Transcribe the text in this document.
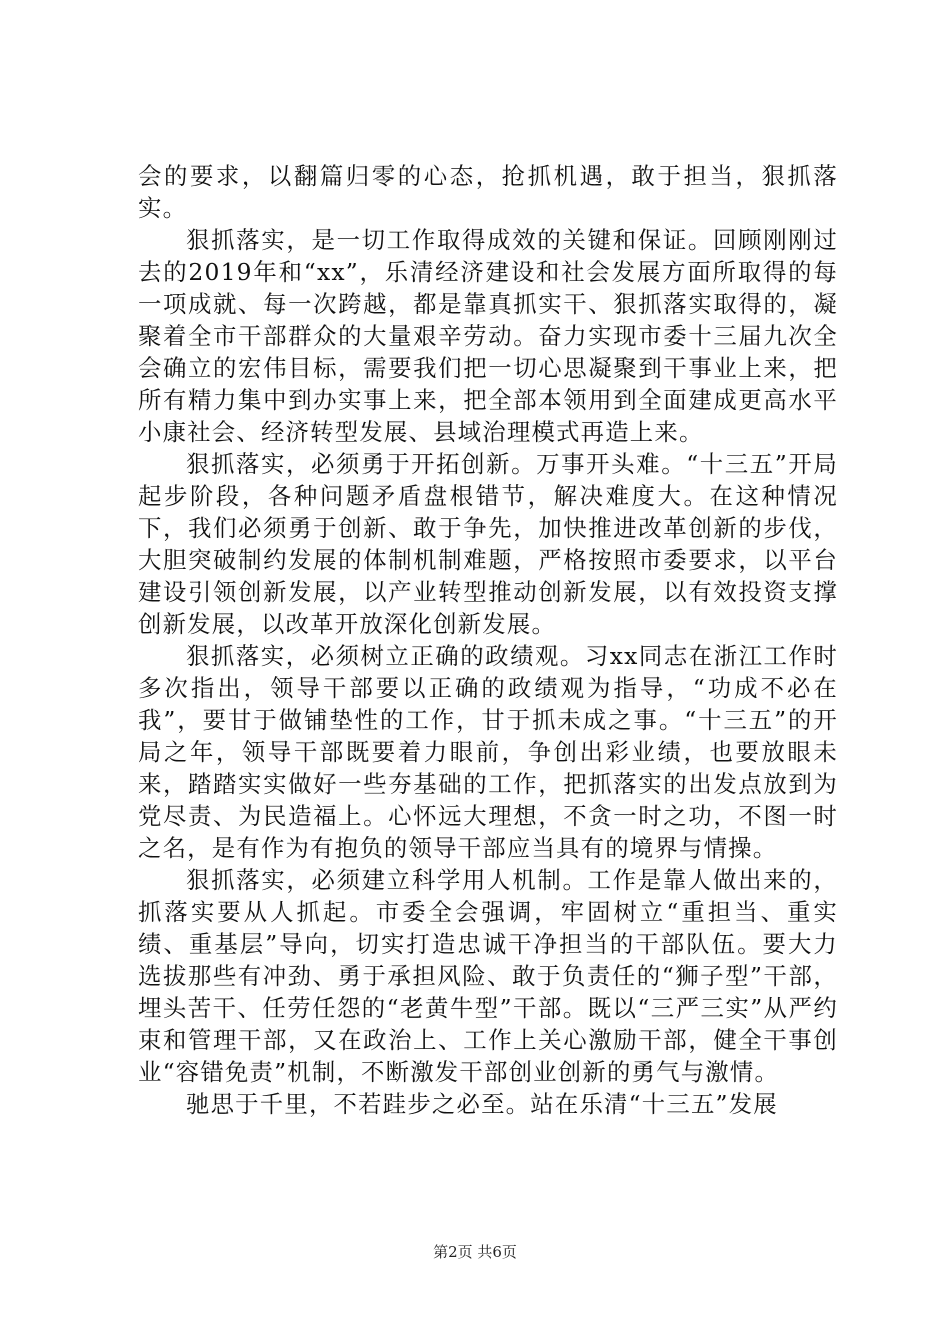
会的要求，以翻篇归零的心态，抢抓机遇，敢于担当，狠抓落实。

狠抓落实，是一切工作取得成效的关键和保证。回顾刚刚过去的2019年和“xx”，乐清经济建设和社会发展方面所取得的每一项成就、每一次跨越，都是靠真抓实干、狠抓落实取得的，凝聚着全市干部群众的大量艰辛劳动。奋力实现市委十三届九次全会确立的宏伟目标，需要我们把一切心思凝聚到干事业上来，把所有精力集中到办实事上来，把全部本领用到全面建成更高水平小康社会、经济转型发展、县域治理模式再造上来。

狠抓落实，必须勇于开拓创新。万事开头难。“十三五”开局起步阶段，各种问题矛盾盘根错节，解决难度大。在这种情况下，我们必须勇于创新、敢于争先，加快推进改革创新的步伐，大胆突破制约发展的体制机制难题，严格按照市委要求，以平台建设引领创新发展，以产业转型推动创新发展，以有效投资支撑创新发展，以改革开放深化创新发展。

狠抓落实，必须树立正确的政绩观。习xx同志在浙江工作时多次指出，领导干部要以正确的政绩观为指导，“功成不必在我”，要甘于做铺垫性的工作，甘于抓未成之事。“十三五”的开局之年，领导干部既要着力眼前，争创出彩业绩，也要放眼未来，踏踏实实做好一些夯基础的工作，把抓落实的出发点放到为党尽责、为民造福上。心怀远大理想，不贪一时之功，不图一时之名，是有作为有抱负的领导干部应当具有的境界与情操。

狠抓落实，必须建立科学用人机制。工作是靠人做出来的，抓落实要从人抓起。市委全会强调，牢固树立“重担当、重实绩、重基层”导向，切实打造忠诚干净担当的干部队伍。要大力选拔那些有冲劲、勇于承担风险、敢于负责任的“狮子型”干部，埋头苦干、任劳任怨的“老黄牛型”干部。既以“三严三实”从严约束和管理干部，又在政治上、工作上关心激励干部，健全干事创业“容错免责”机制，不断激发干部创业创新的勇气与激情。

驰思于千里，不若跬步之必至。站在乐清“十三五”发展

第2页 共6页
